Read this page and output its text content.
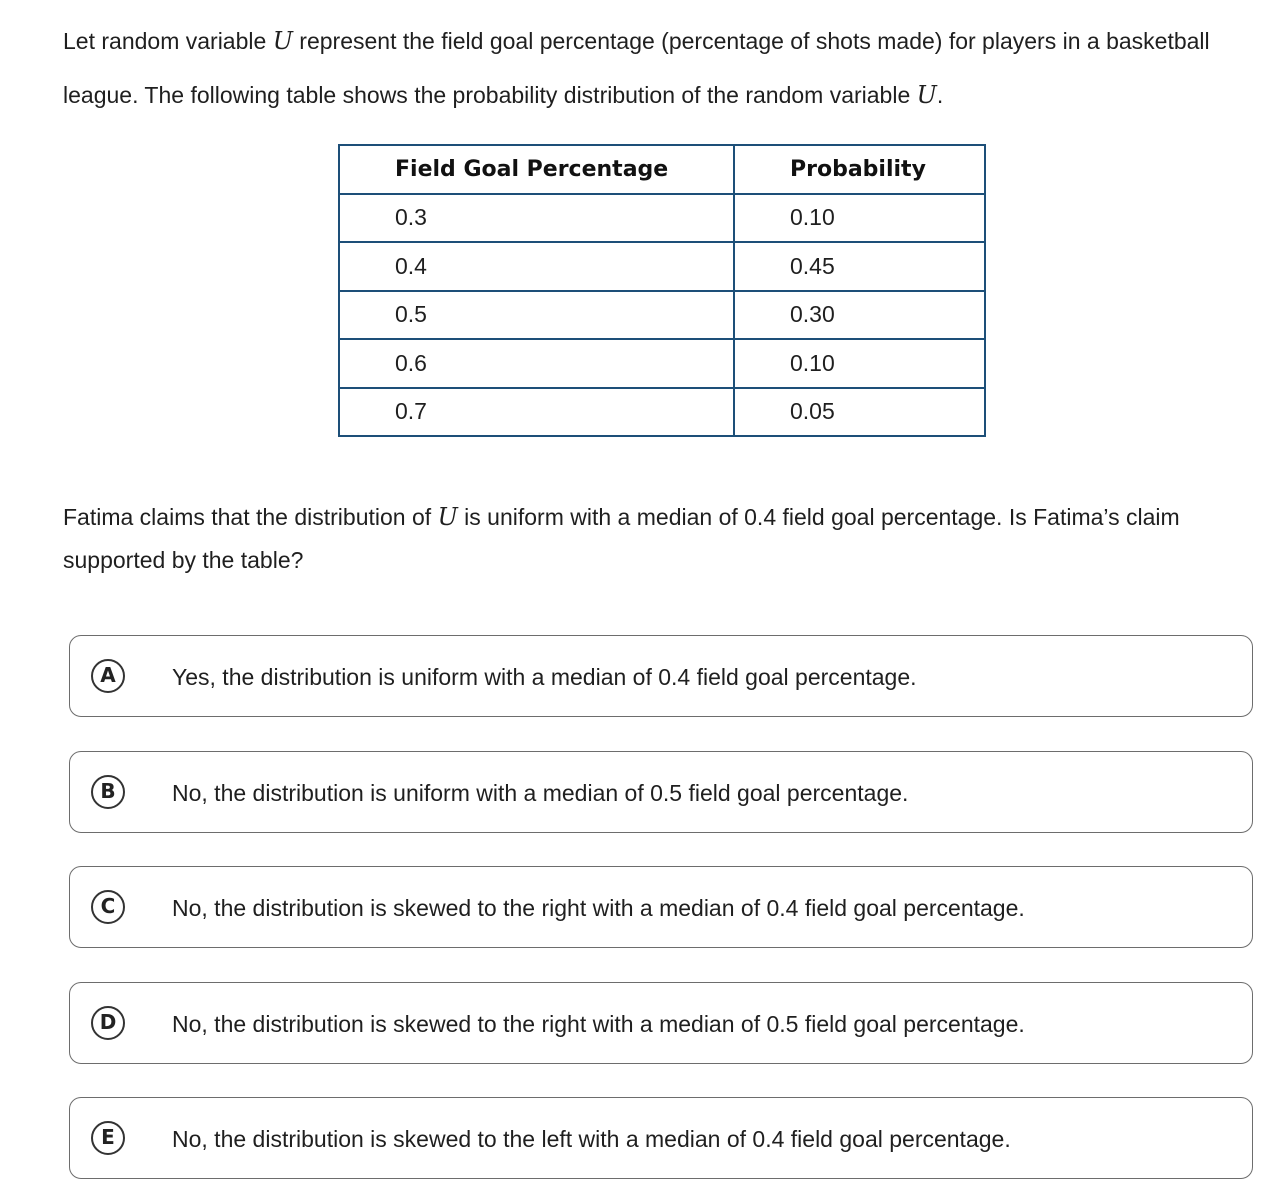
Let random variable U represent the field goal percentage (percentage of shots made) for players in a basketball league. The following table shows the probability distribution of the random variable U.

Field Goal Percentage	Probability
0.3	0.10
0.4	0.45
0.5	0.30
0.6	0.10
0.7	0.05

Fatima claims that the distribution of U is uniform with a median of 0.4 field goal percentage. Is Fatima’s claim supported by the table?

A	Yes, the distribution is uniform with a median of 0.4 field goal percentage.
B	No, the distribution is uniform with a median of 0.5 field goal percentage.
C	No, the distribution is skewed to the right with a median of 0.4 field goal percentage.
D	No, the distribution is skewed to the right with a median of 0.5 field goal percentage.
E	No, the distribution is skewed to the left with a median of 0.4 field goal percentage.
